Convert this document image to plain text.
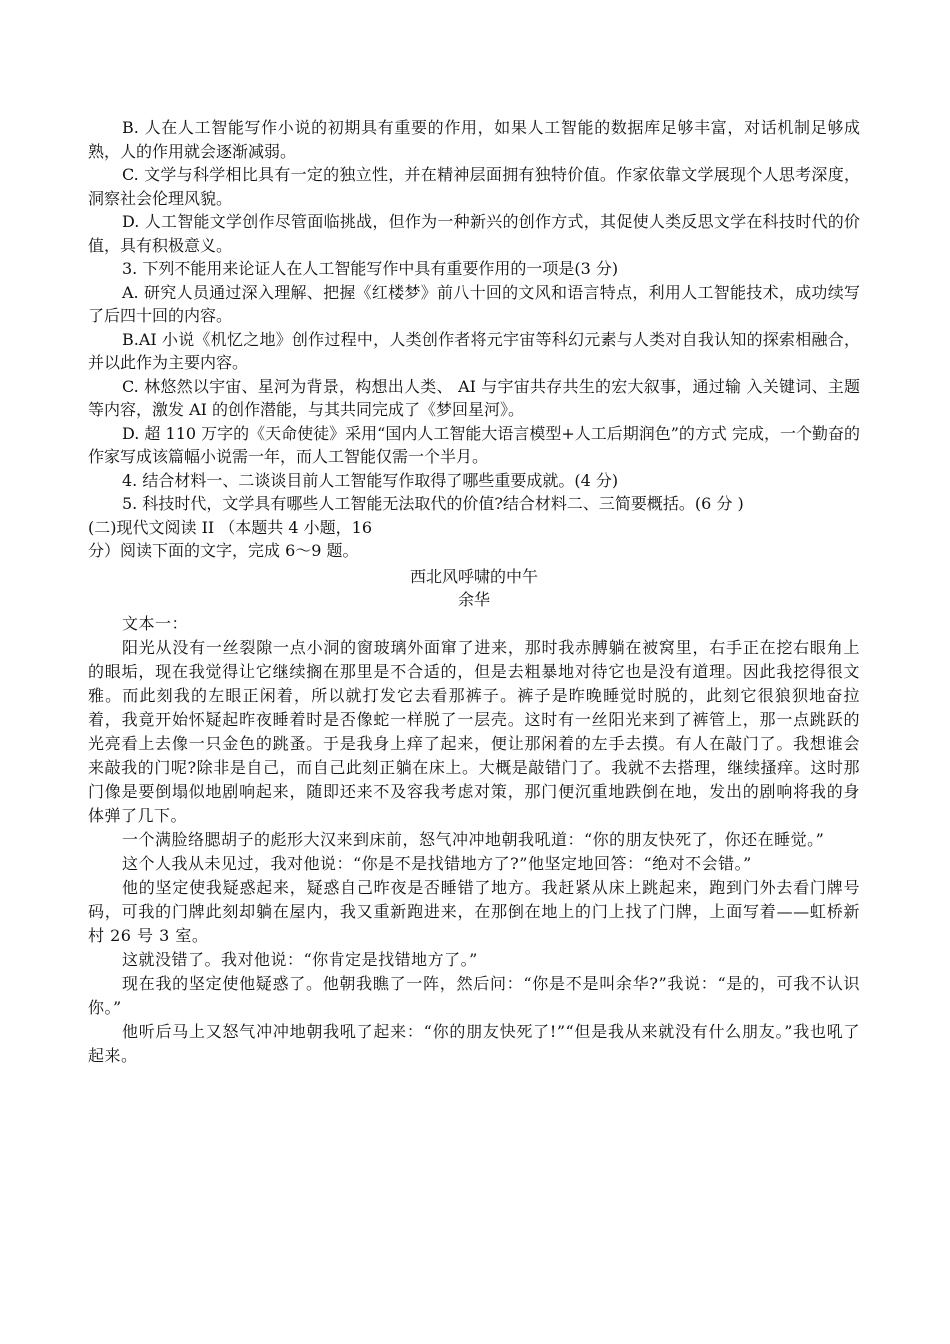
B. 人在人工智能写作小说的初期具有重要的作用，如果人工智能的数据库足够丰富，对话机制足够成熟，人的作用就会逐渐减弱。

C. 文学与科学相比具有一定的独立性，并在精神层面拥有独特价值。作家依靠文学展现个人思考深度，洞察社会伦理风貌。

D. 人工智能文学创作尽管面临挑战，但作为一种新兴的创作方式，其促使人类反思文学在科技时代的价值，具有积极意义。

3. 下列不能用来论证人在人工智能写作中具有重要作用的一项是(3 分)

A. 研究人员通过深入理解、把握《红楼梦》前八十回的文风和语言特点，利用人工智能技术，成功续写了后四十回的内容。

B.AI 小说《机忆之地》创作过程中，人类创作者将元宇宙等科幻元素与人类对自我认知的探索相融合，并以此作为主要内容。

C. 林悠然以宇宙、星河为背景，构想出人类、 AI 与宇宙共存共生的宏大叙事，通过输 入关键词、主题等内容，激发 AI 的创作潜能，与其共同完成了《梦回星河》。

D. 超 110 万字的《天命使徒》采用“国内人工智能大语言模型+人工后期润色”的方式 完成，一个勤奋的作家写成该篇幅小说需一年，而人工智能仅需一个半月。

4. 结合材料一、二谈谈目前人工智能写作取得了哪些重要成就。(4 分)

5. 科技时代，文学具有哪些人工智能无法取代的价值?结合材料二、三简要概括。(6 分 )

(二)现代文阅读 II （本题共 4 小题，16

分）阅读下面的文字，完成 6～9 题。

西北风呼啸的中午

余华

文本一：

阳光从没有一丝裂隙一点小洞的窗玻璃外面窜了进来，那时我赤膊躺在被窝里，右手正在挖右眼角上的眼垢，现在我觉得让它继续搁在那里是不合适的，但是去粗暴地对待它也是没有道理。因此我挖得很文雅。而此刻我的左眼正闲着，所以就打发它去看那裤子。裤子是昨晚睡觉时脱的，此刻它很狼狈地奋拉着，我竟开始怀疑起昨夜睡着时是否像蛇一样脱了一层壳。这时有一丝阳光来到了裤管上，那一点跳跃的光亮看上去像一只金色的跳蚤。于是我身上痒了起来，便让那闲着的左手去摸。有人在敲门了。我想谁会来敲我的门呢?除非是自己，而自己此刻正躺在床上。大概是敲错门了。我就不去搭理，继续搔痒。这时那门像是要倒塌似地剧响起来，随即还来不及容我考虑对策，那门便沉重地跌倒在地，发出的剧响将我的身体弹了几下。

一个满脸络腮胡子的彪形大汉来到床前，怒气冲冲地朝我吼道：“你的朋友快死了，你还在睡觉。”

这个人我从未见过，我对他说：“你是不是找错地方了?”他坚定地回答：“绝对不会错。”

他的坚定使我疑惑起来，疑惑自己昨夜是否睡错了地方。我赶紧从床上跳起来，跑到门外去看门牌号码，可我的门牌此刻却躺在屋内，我又重新跑进来，在那倒在地上的门上找了门牌，上面写着——虹桥新村 26 号 3 室。

这就没错了。我对他说：“你肯定是找错地方了。”

现在我的坚定使他疑惑了。他朝我瞧了一阵，然后问：“你是不是叫余华?”我说：“是的，可我不认识你。”

他听后马上又怒气冲冲地朝我吼了起来：“你的朋友快死了!”“但是我从来就没有什么朋友。”我也吼了起来。
